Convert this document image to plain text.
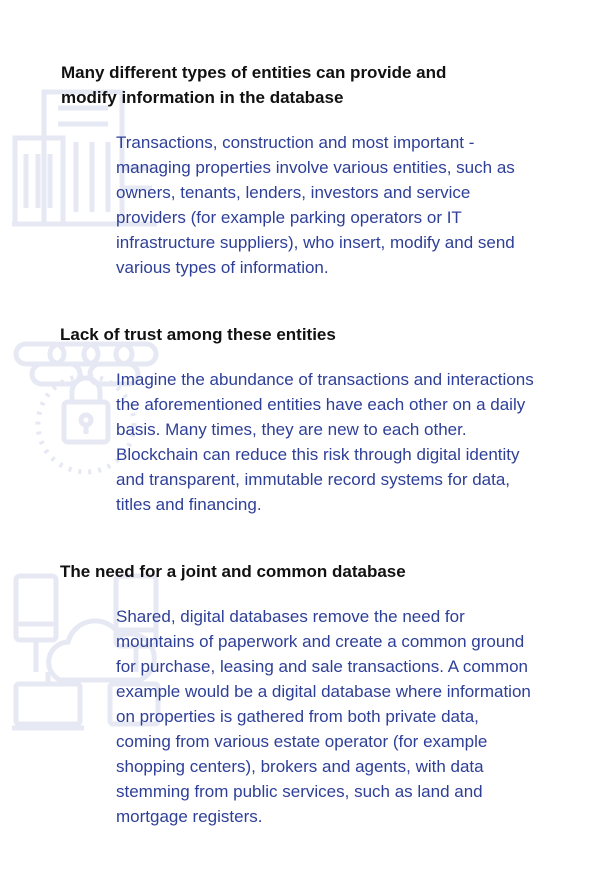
Many different types of entities can provide and modify information in the database

Transactions, construction and most important - managing properties involve various entities, such as owners, tenants, lenders, investors and service providers (for example parking operators or IT infrastructure suppliers), who insert, modify and send various types of information.

Lack of trust among these entities

Imagine the abundance of transactions and interactions the aforementioned entities have each other on a daily basis. Many times, they are new to each other. Blockchain can reduce this risk through digital identity and transparent, immutable record systems for data, titles and financing.

The need for a joint and common database

Shared, digital databases remove the need for mountains of paperwork and create a common ground for purchase, leasing and sale transactions. A common example would be a digital database where information on properties is gathered from both private data, coming from various estate operator (for example shopping centers), brokers and agents, with data stemming from public services, such as land and mortgage registers.
